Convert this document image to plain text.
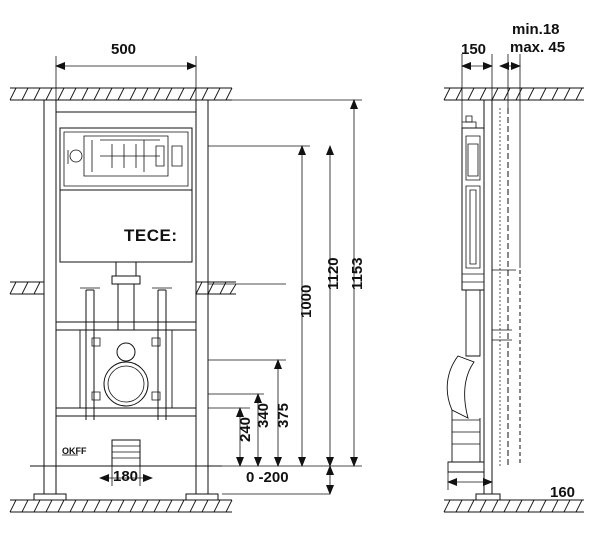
500
TECE:
OKFF
1153
1120
1000
375
340
240
180	0 -200
150
min.18
max. 45
160
